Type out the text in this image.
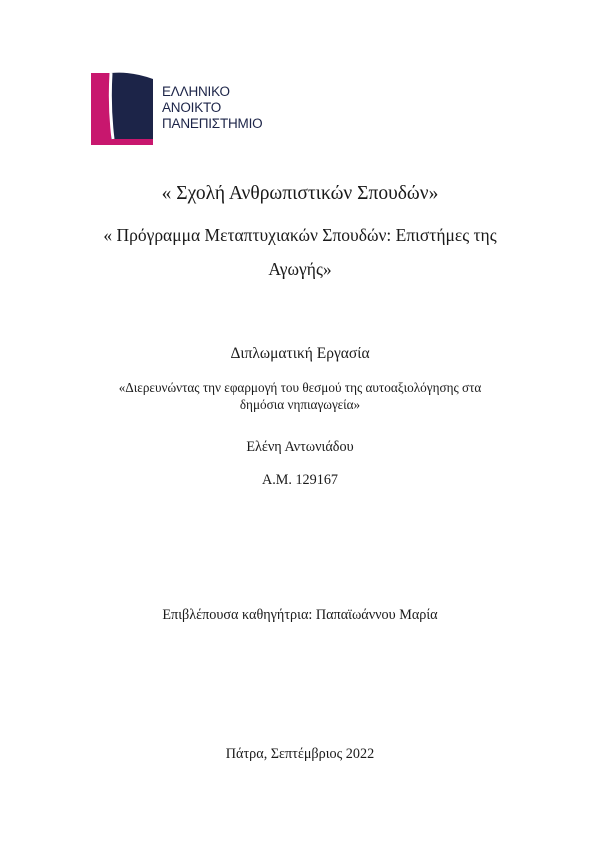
ΕΛΛΗΝΙΚΟ
ΑΝΟΙΚΤΟ
ΠΑΝΕΠΙΣΤΗΜΙΟ
« Σχολή Ανθρωπιστικών Σπουδών»
« Πρόγραμμα Μεταπτυχιακών Σπουδών: Επιστήμες της
Αγωγής»
Διπλωματική Εργασία
«Διερευνώντας την εφαρμογή του θεσμού της αυτοαξιολόγησης στα
δημόσια νηπιαγωγεία»
Ελένη Αντωνιάδου
Α.Μ. 129167
Επιβλέπουσα καθηγήτρια: Παπαϊωάννου Μαρία
Πάτρα, Σεπτέμβριος 2022
